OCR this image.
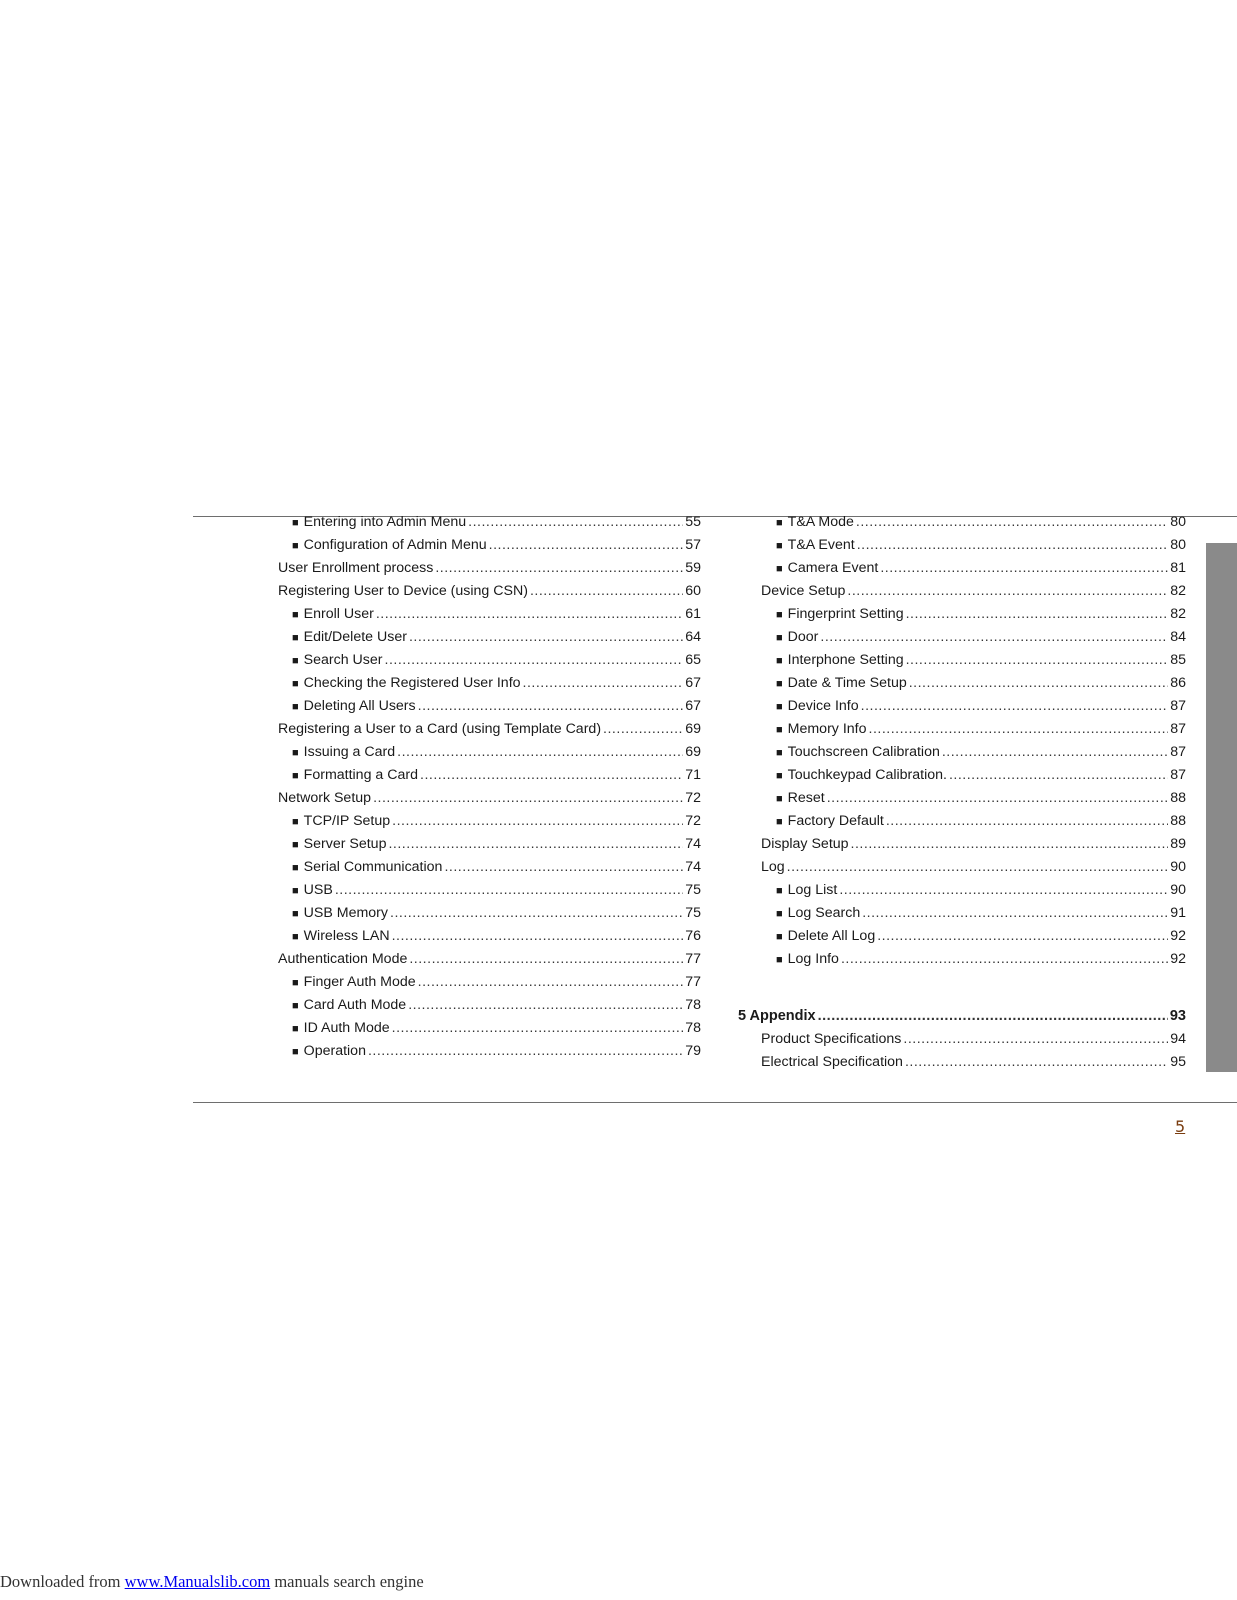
■ Entering into Admin Menu .....	55
■ Configuration of Admin Menu .....	57
User Enrollment process .....	59
Registering User to Device (using CSN) .....	60
■ Enroll User .....	61
■ Edit/Delete User .....	64
■ Search User .....	65
■ Checking the Registered User Info .....	67
■ Deleting All Users .....	67
Registering a User to a Card (using Template Card) .....	69
■ Issuing a Card .....	69
■ Formatting a Card .....	71
Network Setup .....	72
■ TCP/IP Setup .....	72
■ Server Setup .....	74
■ Serial Communication .....	74
■ USB .....	75
■ USB Memory .....	75
■ Wireless LAN .....	76
Authentication Mode .....	77
■ Finger Auth Mode .....	77
■ Card Auth Mode .....	78
■ ID Auth Mode .....	78
■ Operation .....	79
■ T&A Mode .....	80
■ T&A Event .....	80
■ Camera Event .....	81
Device Setup .....	82
■ Fingerprint Setting .....	82
■ Door .....	84
■ Interphone Setting .....	85
■ Date & Time Setup .....	86
■ Device Info .....	87
■ Memory Info .....	87
■ Touchscreen Calibration .....	87
■ Touchkeypad Calibration. .....	87
■ Reset .....	88
■ Factory Default .....	88
Display Setup .....	89
Log .....	90
■ Log List .....	90
■ Log Search .....	91
■ Delete All Log .....	92
■ Log Info .....	92
5 Appendix .....	93
Product Specifications .....	94
Electrical Specification .....	95
5
Downloaded from www.Manualslib.com manuals search engine
